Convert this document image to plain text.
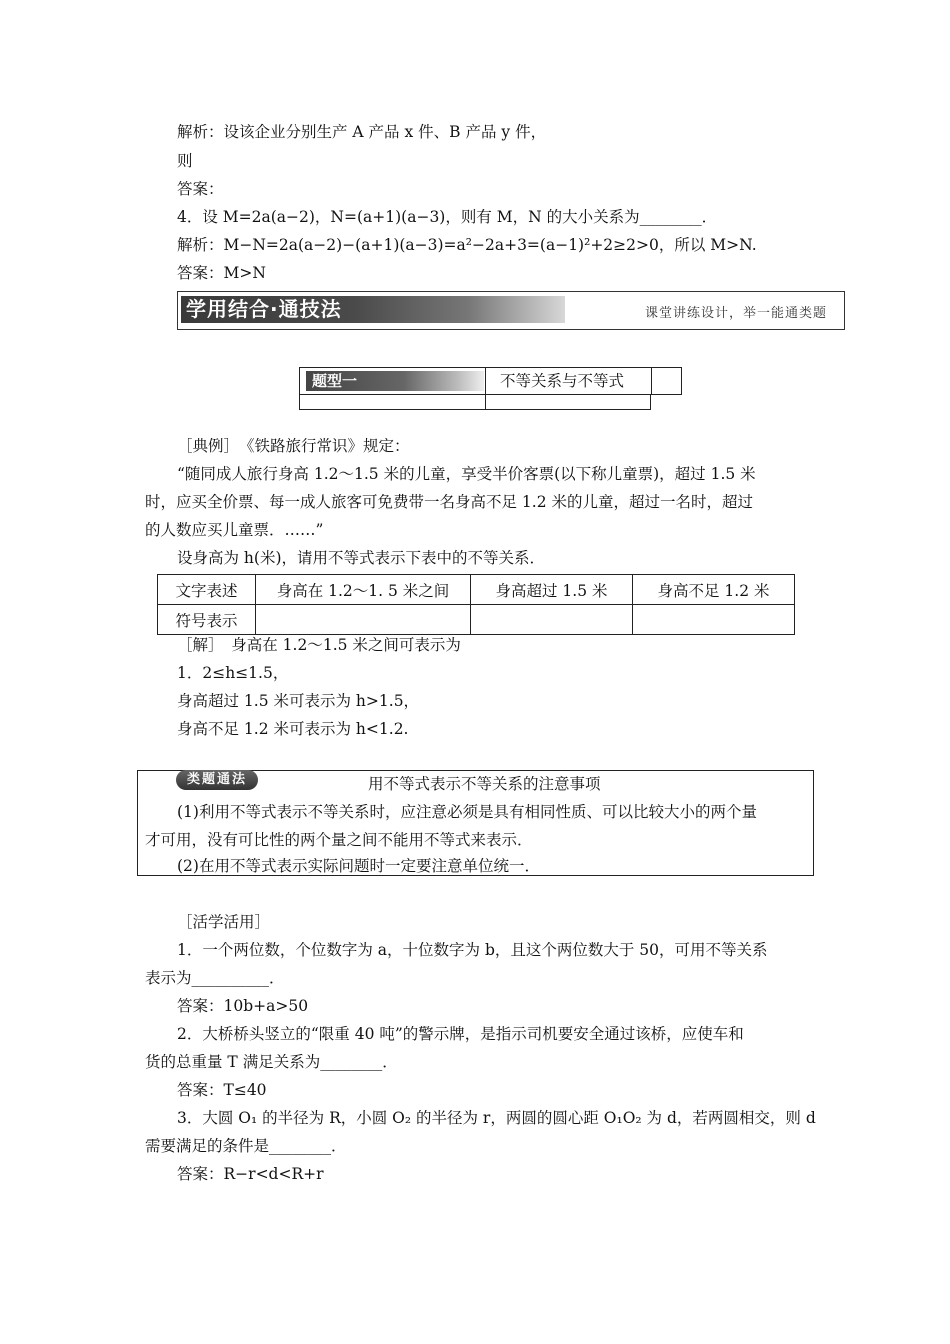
解析：设该企业分别生产 A 产品 x 件、B 产品 y 件，
则
答案：
4．设 M=2a(a−2)，N=(a+1)(a−3)，则有 M，N 的大小关系为________．
解析：M−N=2a(a−2)−(a+1)(a−3)=a²−2a+3=(a−1)²+2≥2>0，所以 M>N.
答案：M>N
学用结合·通技法	课堂讲练设计，举一能通类题
题型一	不等关系与不等式
［典例］　《铁路旅行常识》规定：
“随同成人旅行身高 1.2～1.5 米的儿童，享受半价客票(以下称儿童票)，超过 1.5 米
时，应买全价票、每一成人旅客可免费带一名身高不足 1.2 米的儿童，超过一名时，超过
的人数应买儿童票．……”
设身高为 h(米)，请用不等式表示下表中的不等关系．
文字表述	身高在 1.2～1. 5 米之间	身高超过 1.5 米	身高不足 1.2 米
符号表示			
［解］　身高在 1.2～1.5 米之间可表示为
1．2≤h≤1.5，
身高超过 1.5 米可表示为 h>1.5，
身高不足 1.2 米可表示为 h<1.2.
类题通法	用不等式表示不等关系的注意事项
(1)利用不等式表示不等关系时，应注意必须是具有相同性质、可以比较大小的两个量
才可用，没有可比性的两个量之间不能用不等式来表示．
(2)在用不等式表示实际问题时一定要注意单位统一．
［活学活用］
1．一个两位数，个位数字为 a，十位数字为 b，且这个两位数大于 50，可用不等关系
表示为__________．
答案：10b+a>50
2．大桥桥头竖立的“限重 40 吨”的警示牌，是指示司机要安全通过该桥，应使车和
货的总重量 T 满足关系为________．
答案：T≤40
3．大圆 O₁ 的半径为 R，小圆 O₂ 的半径为 r，两圆的圆心距 O₁O₂ 为 d，若两圆相交，则 d
需要满足的条件是________．
答案：R−r<d<R+r
